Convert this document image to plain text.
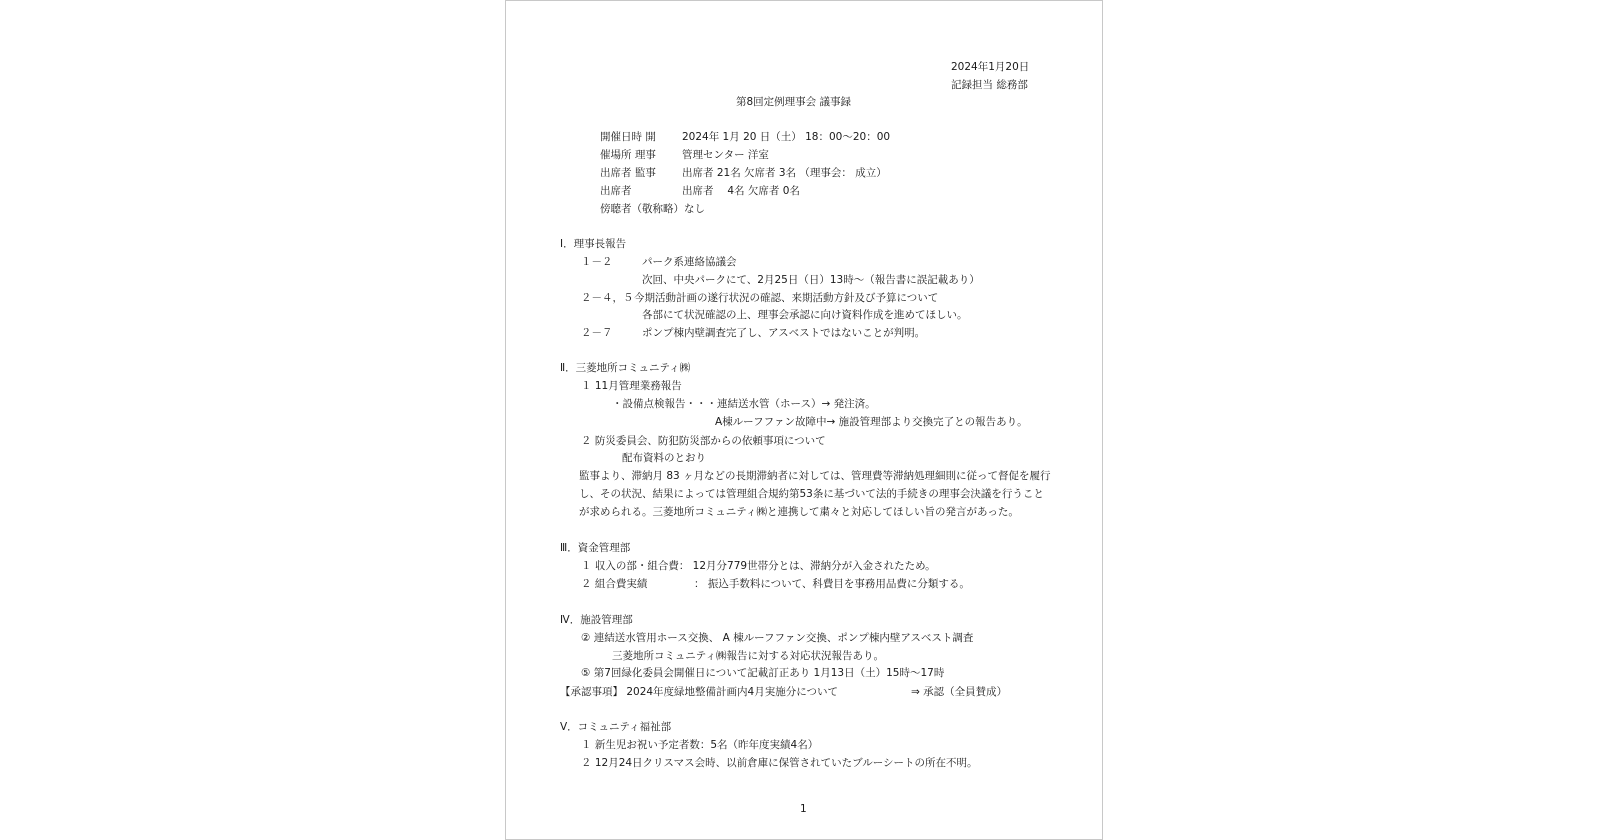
2024年1月20日
記録担当 総務部
第8回定例理事会 議事録
開催日時 開 2024年 1月 20 日（土） 18：00〜20：00
催場所 理事 管理センター 洋室
出席者 監事 出席者 21名 欠席者 3名 （理事会： 成立）
出席者	出席者 　4名 欠席者 0名
傍聴者（敬称略）なし
Ⅰ．理事長報告
１－２	パーク系連絡協議会
次回、中央パークにて、2月25日（日）13時〜（報告書に誤記載あり）
２－４，５ 今期活動計画の遂行状況の確認、来期活動方針及び予算について
各部にて状況確認の上、理事会承認に向け資料作成を進めてほしい。
２－７	ポンプ棟内壁調査完了し、アスベストではないことが判明。
Ⅱ．三菱地所コミュニティ㈱
１ 11月管理業務報告
・設備点検報告・・・連結送水管（ホース）→ 発注済。
A棟ルーフファン故障中→ 施設管理部より交換完了との報告あり。
２ 防災委員会、防犯防災部からの依頼事項について
配布資料のとおり
監事より、滞納月 83 ヶ月などの長期滞納者に対しては、管理費等滞納処理細則に従って督促を履行
し、その状況、結果によっては管理組合規約第53条に基づいて法的手続きの理事会決議を行うこと
が求められる。三菱地所コミュニティ㈱と連携して粛々と対応してほしい旨の発言があった。
Ⅲ．資金管理部
１ 収入の部・組合費： 12月分779世帯分とは、滞納分が入金されたため。
２ 組合費実績	： 振込手数料について、科費目を事務用品費に分類する。
Ⅳ．施設管理部
② 連結送水管用ホース交換、 A 棟ルーフファン交換、ポンプ棟内壁アスベスト調査
三菱地所コミュニティ㈱報告に対する対応状況報告あり。
⑤ 第7回緑化委員会開催日について記載訂正あり 1月13日（土）15時〜17時
【承認事項】 2024年度緑地整備計画内4月実施分について	⇒ 承認（全員賛成）
Ⅴ．コミュニティ福祉部
１ 新生児お祝い予定者数：5名（昨年度実績4名）
２ 12月24日クリスマス会時、以前倉庫に保管されていたブルーシートの所在不明。
1
